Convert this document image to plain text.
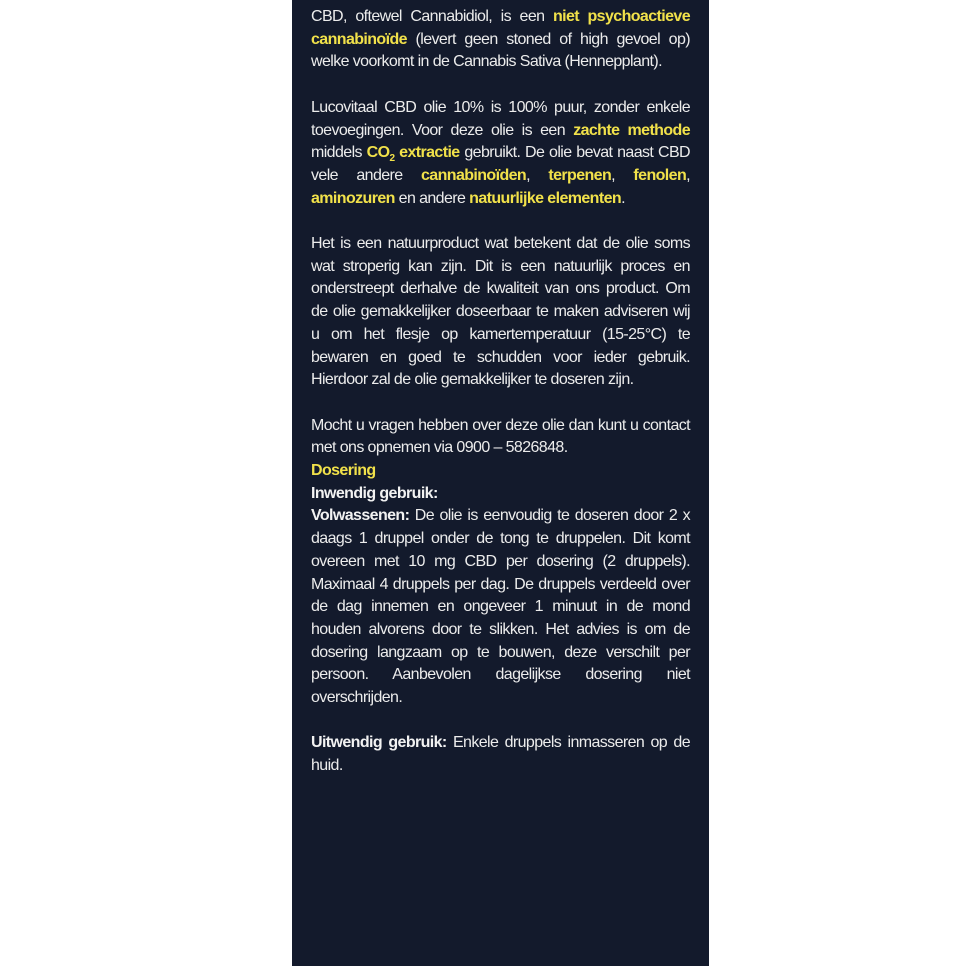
CBD, oftewel Cannabidiol, is een niet psychoactieve cannabinoïde (levert geen stoned of high gevoel op) welke voorkomt in de Cannabis Sativa (Hennepplant).

Lucovitaal CBD olie 10% is 100% puur, zonder enkele toevoegingen. Voor deze olie is een zachte methode middels $CO_2$ extractie gebruikt. De olie bevat naast CBD vele andere cannabinoïden, terpenen, fenolen, aminozuren en andere natuurlijke elementen.

Het is een natuurproduct wat betekent dat de olie soms wat stroperig kan zijn. Dit is een natuurlijk proces en onderstreept derhalve de kwaliteit van ons product. Om de olie gemakkelijker doseerbaar te maken adviseren wij u om het flesje op kamertemperatuur (15-25°C) te bewaren en goed te schudden voor ieder gebruik. Hierdoor zal de olie gemakkelijker te doseren zijn.

Mocht u vragen hebben over deze olie dan kunt u contact met ons opnemen via 0900 – 5826848.

Dosering

Inwendig gebruik:

Volwassenen: De olie is eenvoudig te doseren door 2 x daags 1 druppel onder de tong te druppelen. Dit komt overeen met 10 mg CBD per dosering (2 druppels). Maximaal 4 druppels per dag. De druppels verdeeld over de dag innemen en ongeveer 1 minuut in de mond houden alvorens door te slikken. Het advies is om de dosering langzaam op te bouwen, deze verschilt per persoon. Aanbevolen dagelijkse dosering niet overschrijden.

Uitwendig gebruik: Enkele druppels inmasseren op de huid.
